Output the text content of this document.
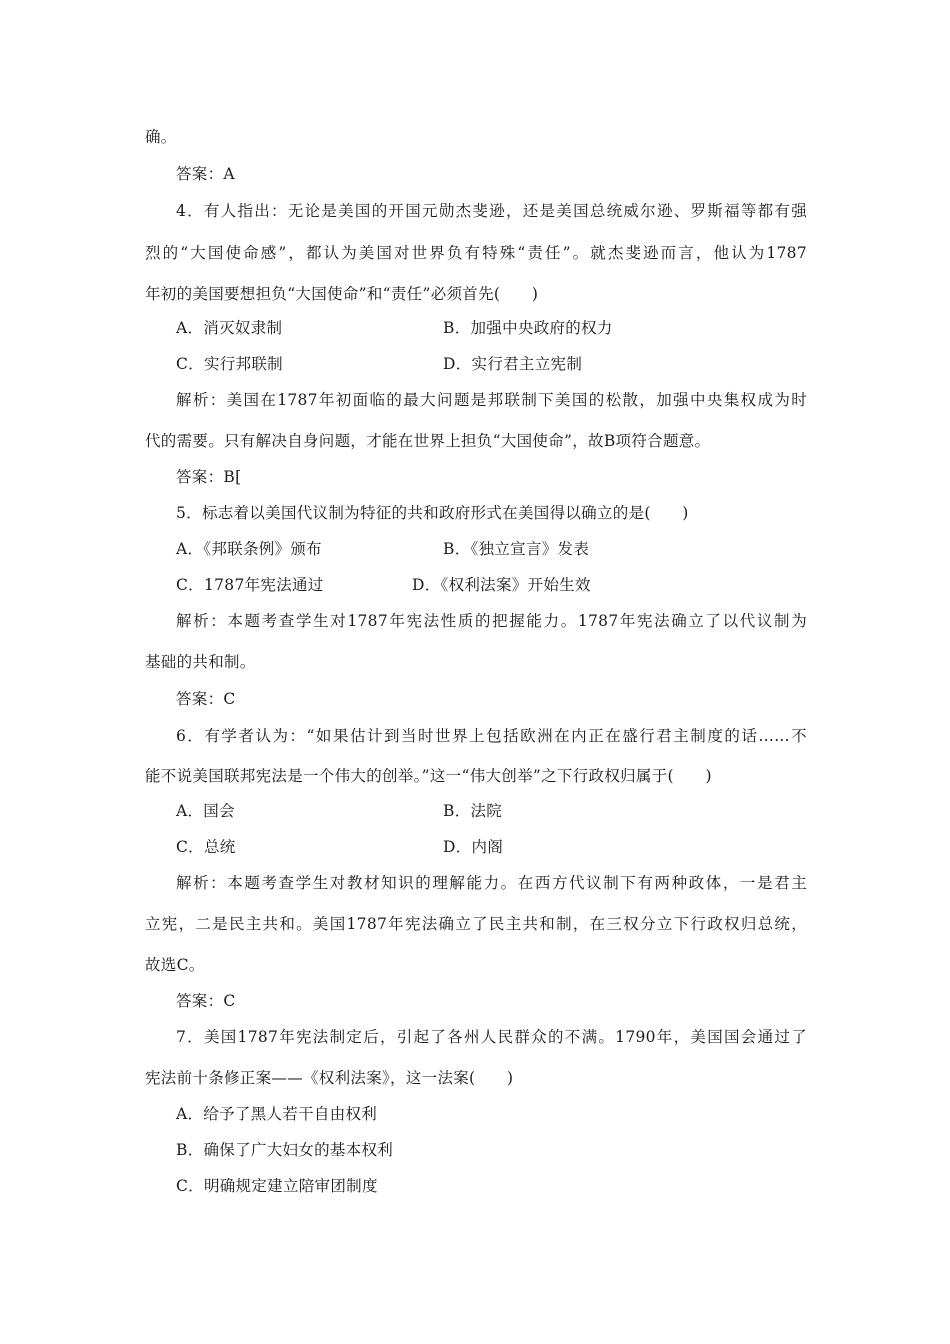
确。

答案：A

4．有人指出：无论是美国的开国元勋杰斐逊，还是美国总统威尔逊、罗斯福等都有强

烈的“大国使命感”，都认为美国对世界负有特殊“责任”。就杰斐逊而言，他认为1787

年初的美国要想担负“大国使命”和“责任”必须首先(　　)

A．消灭奴隶制	B．加强中央政府的权力

C．实行邦联制	D．实行君主立宪制

解析：美国在1787年初面临的最大问题是邦联制下美国的松散，加强中央集权成为时

代的需要。只有解决自身问题，才能在世界上担负“大国使命”，故B项符合题意。

答案：B[

5．标志着以美国代议制为特征的共和政府形式在美国得以确立的是(　　)

A．《邦联条例》颁布	B．《独立宣言》发表

C．1787年宪法通过	D．《权利法案》开始生效

解析：本题考查学生对1787年宪法性质的把握能力。1787年宪法确立了以代议制为

基础的共和制。

答案：C

6．有学者认为：“如果估计到当时世界上包括欧洲在内正在盛行君主制度的话……不

能不说美国联邦宪法是一个伟大的创举。”这一“伟大创举”之下行政权归属于(　　)

A．国会	B．法院

C．总统	D．内阁

解析：本题考查学生对教材知识的理解能力。在西方代议制下有两种政体，一是君主

立宪，二是民主共和。美国1787年宪法确立了民主共和制，在三权分立下行政权归总统，

故选C。

答案：C

7．美国1787年宪法制定后，引起了各州人民群众的不满。1790年，美国国会通过了

宪法前十条修正案——《权利法案》，这一法案(　　)

A．给予了黑人若干自由权利

B．确保了广大妇女的基本权利

C．明确规定建立陪审团制度
